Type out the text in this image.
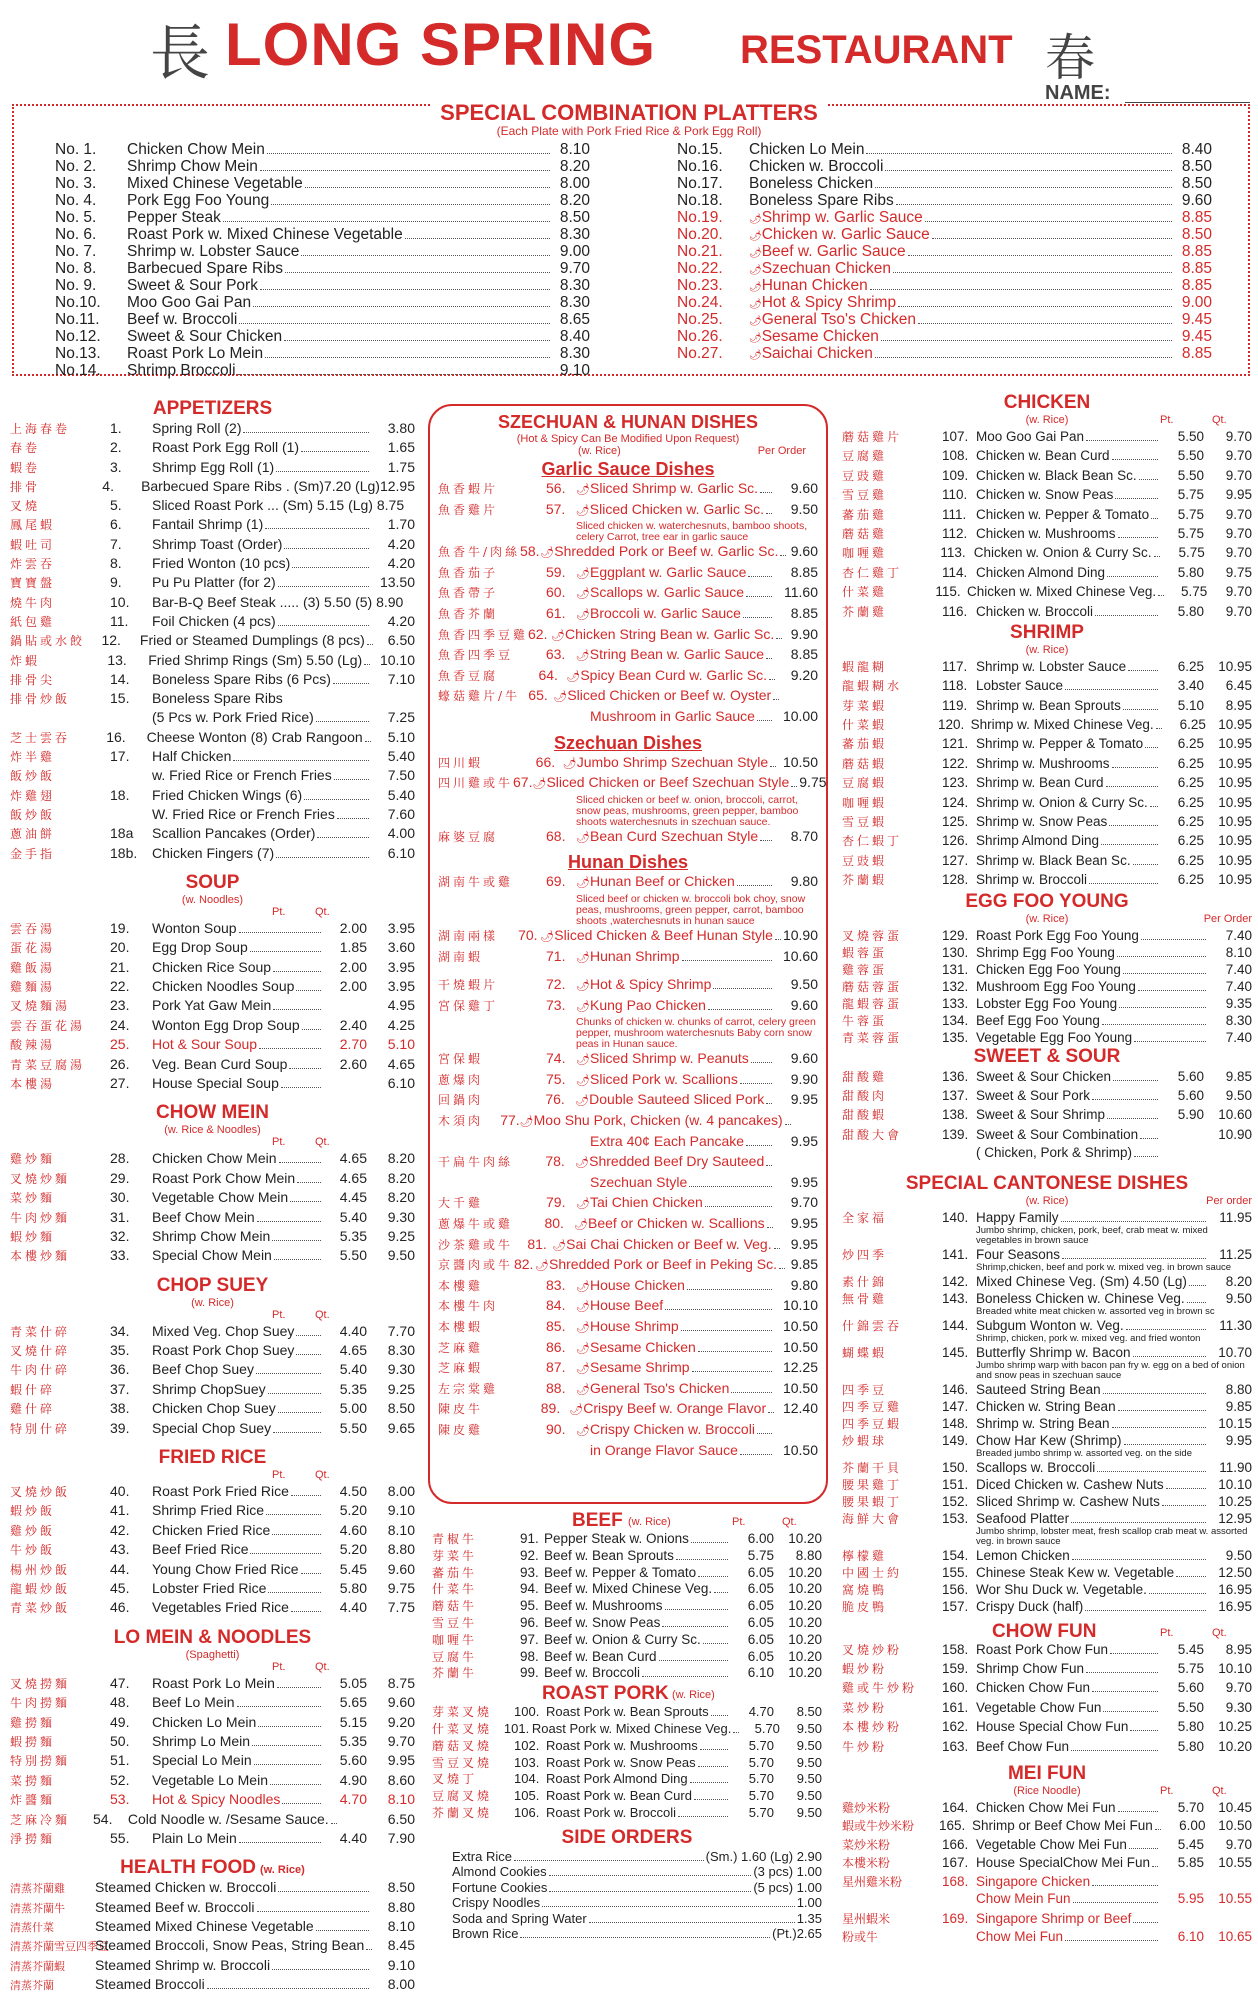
長 LONG SPRING RESTAURANT 春
NAME:
SPECIAL COMBINATION PLATTERS
(Each Plate with Pork Fried Rice & Pork Egg Roll)
No. 1.	Chicken Chow Mein	8.10
No. 2.	Shrimp Chow Mein	8.20
No. 3.	Mixed Chinese Vegetable	8.00
No. 4.	Pork Egg Foo Young	8.20
No. 5.	Pepper Steak	8.50
No. 6.	Roast Pork w. Mixed Chinese Vegetable	8.30
No. 7.	Shrimp w. Lobster Sauce	9.00
No. 8.	Barbecued Spare Ribs	9.70
No. 9.	Sweet & Sour Pork	8.30
No.10.	Moo Goo Gai Pan	8.30
No.11.	Beef w. Broccoli	8.65
No.12.	Sweet & Sour Chicken	8.40
No.13.	Roast Pork Lo Mein	8.30
No.14.	Shrimp Broccoli	9.10
No.15.	Chicken Lo Mein	8.40
No.16.	Chicken w. Broccoli	8.50
No.17.	Boneless Chicken	8.50
No.18.	Boneless Spare Ribs	9.60
No.19.	🌶 Shrimp w. Garlic Sauce	8.85
No.20.	🌶 Chicken w. Garlic Sauce	8.50
No.21.	🌶 Beef w. Garlic Sauce	8.85
No.22.	🌶 Szechuan Chicken	8.85
No.23.	🌶 Hunan Chicken	8.85
No.24.	🌶 Hot & Spicy Shrimp	9.00
No.25.	🌶 General Tso's Chicken	9.45
No.26.	🌶 Sesame Chicken	9.45
No.27.	🌶 Saichai Chicken	8.85
APPETIZERS
上海春卷	1.	Spring Roll (2)	3.80
春卷	2.	Roast Pork Egg Roll (1)	1.65
蝦卷	3.	Shrimp Egg Roll (1)	1.75
排骨	4.	Barbecued Spare Ribs . (Sm)7.20 (Lg)12.95
叉燒	5.	Sliced Roast Pork ... (Sm) 5.15 (Lg) 8.75
鳳尾蝦	6.	Fantail Shrimp (1)	1.70
蝦吐司	7.	Shrimp Toast (Order)	4.20
炸雲吞	8.	Fried Wonton (10 pcs)	4.20
寶寶盤	9.	Pu Pu Platter (for 2)	13.50
燒牛肉	10.	Bar-B-Q Beef Steak ..... (3) 5.50 (5) 8.90
紙包雞	11.	Foil Chicken (4 pcs)	4.20
鍋貼或水餃	12.	Fried or Steamed Dumplings (8 pcs)	6.50
炸蝦	13.	Fried Shrimp Rings (Sm) 5.50 (Lg)	10.10
排骨尖	14.	Boneless Spare Ribs (6 Pcs)	7.10
排骨炒飯	15.	Boneless Spare Ribs
(5 Pcs w. Pork Fried Rice)	7.25
芝士雲吞	16.	Cheese Wonton (8) Crab Rangoon	5.10
炸半雞	17.	Half Chicken	5.40
飯炒飯	w. Fried Rice or French Fries	7.50
炸雞翅	18.	Fried Chicken Wings (6)	5.40
飯炒飯	W. Fried Rice or French Fries	7.60
蔥油餅	18a	Scallion Pancakes (Order)	4.00
金手指	18b.	Chicken Fingers (7)	6.10
SOUP
(w. Noodles)
Pt.	Qt.
雲吞湯	19.	Wonton Soup	2.00	3.95
蛋花湯	20.	Egg Drop Soup	1.85	3.60
雞飯湯	21.	Chicken Rice Soup	2.00	3.95
雞麵湯	22.	Chicken Noodles Soup	2.00	3.95
叉燒麵湯	23.	Pork Yat Gaw Mein	4.95
雲吞蛋花湯	24.	Wonton Egg Drop Soup	2.40	4.25
酸辣湯	25.	Hot & Sour Soup	2.70	5.10
青菜豆腐湯	26.	Veg. Bean Curd Soup	2.60	4.65
本樓湯	27.	House Special Soup	6.10
CHOW MEIN
(w. Rice & Noodles)
Pt.	Qt.
雞炒麵	28.	Chicken Chow Mein	4.65	8.20
叉燒炒麵	29.	Roast Pork Chow Mein	4.65	8.20
菜炒麵	30.	Vegetable Chow Mein	4.45	8.20
牛肉炒麵	31.	Beef Chow Mein	5.40	9.30
蝦炒麵	32.	Shrimp Chow Mein	5.35	9.25
本樓炒麵	33.	Special Chow Mein	5.50	9.50
CHOP SUEY
(w. Rice)
Pt.	Qt.
青菜什碎	34.	Mixed Veg. Chop Suey	4.40	7.70
叉燒什碎	35.	Roast Pork Chop Suey	4.65	8.30
牛肉什碎	36.	Beef Chop Suey	5.40	9.30
蝦什碎	37.	Shrimp ChopSuey	5.35	9.25
雞什碎	38.	Chicken Chop Suey	5.00	8.50
特別什碎	39.	Special Chop Suey	5.50	9.65
FRIED RICE
Pt.	Qt.
叉燒炒飯	40.	Roast Pork Fried Rice	4.50	8.00
蝦炒飯	41.	Shrimp Fried Rice	5.20	9.10
雞炒飯	42.	Chicken Fried Rice	4.60	8.10
牛炒飯	43.	Beef Fried Rice	5.20	8.80
楊州炒飯	44.	Young Chow Fried Rice	5.45	9.60
龍蝦炒飯	45.	Lobster Fried Rice	5.80	9.75
青菜炒飯	46.	Vegetables Fried Rice	4.40	7.75
LO MEIN & NOODLES
(Spaghetti)
Pt.	Qt.
叉燒撈麵	47.	Roast Pork Lo Mein	5.05	8.75
牛肉撈麵	48.	Beef Lo Mein	5.65	9.60
雞撈麵	49.	Chicken Lo Mein	5.15	9.20
蝦撈麵	50.	Shrimp Lo Mein	5.35	9.70
特別撈麵	51.	Special Lo Mein	5.60	9.95
菜撈麵	52.	Vegetable Lo Mein	4.90	8.60
炸醬麵	53.	Hot & Spicy Noodles	4.70	8.10
芝麻冷麵	54.	Cold Noodle w. /Sesame Sauce.	6.50
淨撈麵	55.	Plain Lo Mein	4.40	7.90
HEALTH FOOD (w. Rice)
清蒸芥蘭雞	Steamed Chicken w. Broccoli	8.50
清蒸芥蘭牛	Steamed Beef w. Broccoli	8.80
清蒸什菜	Steamed Mixed Chinese Vegetable	8.10
清蒸芥蘭雪豆四季豆
Steamed Broccoli, Snow Peas, String Bean	8.45
清蒸芥蘭蝦	Steamed Shrimp w. Broccoli	9.10
清蒸芥蘭	Steamed Broccoli	8.00
SZECHUAN & HUNAN DISHES
(Hot & Spicy Can Be Modified Upon Request)
(w. Rice)	Per Order
Garlic Sauce Dishes
魚香蝦片	56. 🌶 Sliced Shrimp w. Garlic Sc.	9.60
魚香雞片	57. 🌶 Sliced Chicken w. Garlic Sc.	9.50
Sliced chicken w. waterchesnuts, bamboo shoots, celery Carrot, tree ear in garlic sauce
魚香牛/肉絲 58. 🌶 Shredded Pork or Beef w. Garlic Sc. 9.60
魚香茄子	59. 🌶 Eggplant w. Garlic Sauce	8.85
魚香帶子	60. 🌶 Scallops w. Garlic Sauce	11.60
魚香芥蘭	61. 🌶 Broccoli w. Garlic Sauce	8.85
魚香四季豆雞 62. 🌶 Chicken String Bean w. Garlic Sc.	9.90
魚香四季豆	63. 🌶 String Bean w. Garlic Sauce	8.85
魚香豆腐	64. 🌶 Spicy Bean Curd w. Garlic Sc.	9.20
蠔菇雞片/牛 65. 🌶 Sliced Chicken or Beef w. Oyster
Mushroom in Garlic Sauce	10.00
Szechuan Dishes
四川蝦	66. 🌶 Jumbo Shrimp Szechuan Style	10.50
四川雞或牛 67. 🌶 Sliced Chicken or Beef Szechuan Style 9.75
Sliced chicken or beef w. onion, broccoli, carrot, snow peas, mushrooms, green pepper, bamboo shoots waterchesnuts in szechuan sauce.
麻婆豆腐	68. 🌶 Bean Curd Szechuan Style	8.70
Hunan Dishes
湖南牛或雞	69. 🌶 Hunan Beef or Chicken	9.80
Sliced beef or chicken w. broccoli bok choy, snow peas, mushrooms, green pepper, carrot, bamboo shoots ,waterchesnuts in hunan sauce
湖南兩樣	70. 🌶 Sliced Chicken & Beef Hunan Style 10.90
湖南蝦	71. 🌶 Hunan Shrimp	10.60
干燒蝦片	72. 🌶 Hot & Spicy Shrimp	9.50
宮保雞丁	73. 🌶 Kung Pao Chicken	9.60
Chunks of chicken w. chunks of carrot, celery green pepper, mushroom waterchesnuts Baby corn snow peas in Hunan sauce.
宮保蝦	74. 🌶 Sliced Shrimp w. Peanuts	9.60
蔥爆肉	75. 🌶 Sliced Pork w. Scallions	9.90
回鍋肉	76. 🌶 Double Sauteed Sliced Pork	9.95
木須肉	77. 🌶 Moo Shu Pork, Chicken (w. 4 pancakes)
Extra 40¢ Each Pancake	9.95
干扁牛肉絲	78. 🌶 Shredded Beef Dry Sauteed
Szechuan Style	9.95
大千雞	79. 🌶 Tai Chien Chicken	9.70
蔥爆牛或雞	80. 🌶 Beef or Chicken w. Scallions	9.95
沙茶雞或牛	81. 🌶 Sai Chai Chicken or Beef w. Veg.	9.95
京醬肉或牛 82. 🌶 Shredded Pork or Beef in Peking Sc. 9.85
本樓雞	83. 🌶 House Chicken	9.80
本樓牛肉	84. 🌶 House Beef	10.10
本樓蝦	85. 🌶 House Shrimp	10.50
芝麻雞	86. 🌶 Sesame Chicken	10.50
芝麻蝦	87. 🌶 Sesame Shrimp	12.25
左宗棠雞	88. 🌶 General Tso's Chicken	10.50
陳皮牛	89. 🌶 Crispy Beef w. Orange Flavor	12.40
陳皮雞	90. 🌶 Crispy Chicken w. Broccoli
in Orange Flavor Sauce	10.50
BEEF (w. Rice)	Pt.	Qt.
青椒牛	91. Pepper Steak w. Onions	6.00	10.20
芽菜牛	92. Beef w. Bean Sprouts	5.75	8.80
蕃茄牛	93. Beef w. Pepper & Tomato	6.05	10.20
什菜牛	94. Beef w. Mixed Chinese Veg.	6.05	10.20
蘑菇牛	95. Beef w. Mushrooms	6.05	10.20
雪豆牛	96. Beef w. Snow Peas	6.05	10.20
咖喱牛	97. Beef w. Onion & Curry Sc.	6.05	10.20
豆腐牛	98. Beef w. Bean Curd	6.05	10.20
芥蘭牛	99. Beef w. Broccoli	6.10	10.20
ROAST PORK (w. Rice)
芽菜叉燒	100. Roast Pork w. Bean Sprouts	4.70	8.50
什菜叉燒 101. Roast Pork w. Mixed Chinese Veg.	5.70	9.50
蘑菇叉燒	102. Roast Pork w. Mushrooms	5.70	9.50
雪豆叉燒	103. Roast Pork w. Snow Peas	5.70	9.50
叉燒丁	104. Roast Pork Almond Ding	5.70	9.50
豆腐叉燒	105. Roast Pork w. Bean Curd	5.70	9.50
芥蘭叉燒	106. Roast Pork w. Broccoli	5.70	9.50
SIDE ORDERS
Extra Rice	(Sm.) 1.60 (Lg) 2.90
Almond Cookies	(3 pcs) 1.00
Fortune Cookies	(5 pcs) 1.00
Crispy Noodles	1.00
Soda and Spring Water	1.35
Brown Rice	(Pt.)2.65
CHICKEN
(w. Rice)	Pt.	Qt.
蘑菇雞片	107. Moo Goo Gai Pan	5.50	9.70
豆腐雞	108. Chicken w. Bean Curd	5.50	9.70
豆豉雞	109. Chicken w. Black Bean Sc.	5.50	9.70
雪豆雞	110. Chicken w. Snow Peas	5.75	9.95
蕃茄雞	111. Chicken w. Pepper & Tomato	5.75	9.70
蘑菇雞	112. Chicken w. Mushrooms	5.75	9.70
咖喱雞	113. Chicken w. Onion & Curry Sc.	5.75	9.70
杏仁雞丁	114. Chicken Almond Ding	5.80	9.75
什菜雞	115. Chicken w. Mixed Chinese Veg.	5.75	9.70
芥蘭雞	116. Chicken w. Broccoli	5.80	9.70
SHRIMP
(w. Rice)
蝦龍糊	117. Shrimp w. Lobster Sauce	6.25	10.95
龍蝦糊水	118. Lobster Sauce	3.40	6.45
芽菜蝦	119. Shrimp w. Bean Sprouts	5.10	8.95
什菜蝦	120. Shrimp w. Mixed Chinese Veg.	6.25 10.95
蕃茄蝦	121. Shrimp w. Pepper & Tomato	6.25	10.95
蘑菇蝦	122. Shrimp w. Mushrooms	6.25	10.95
豆腐蝦	123. Shrimp w. Bean Curd	6.25	10.95
咖喱蝦	124. Shrimp w. Onion & Curry Sc.	6.25	10.95
雪豆蝦	125. Shrimp w. Snow Peas	6.25	10.95
杏仁蝦丁	126. Shrimp Almond Ding	6.25	10.95
豆豉蝦	127. Shrimp w. Black Bean Sc.	6.25	10.95
芥蘭蝦	128. Shrimp w. Broccoli	6.25	10.95
EGG FOO YOUNG
(w. Rice)	Per Order
叉燒蓉蛋	129. Roast Pork Egg Foo Young	7.40
蝦蓉蛋	130. Shrimp Egg Foo Young	8.10
雞蓉蛋	131. Chicken Egg Foo Young	7.40
蘑菇蓉蛋	132. Mushroom Egg Foo Young	7.40
龍蝦蓉蛋	133. Lobster Egg Foo Young	9.35
牛蓉蛋	134. Beef Egg Foo Young	8.30
青菜蓉蛋	135. Vegetable Egg Foo Young	7.40
SWEET & SOUR
甜酸雞	136. Sweet & Sour Chicken	5.60	9.85
甜酸肉	137. Sweet & Sour Pork	5.60	9.50
甜酸蝦	138. Sweet & Sour Shrimp	5.90	10.60
甜酸大會	139. Sweet & Sour Combination	10.90
( Chicken, Pork & Shrimp)
SPECIAL CANTONESE DISHES
(w. Rice)	Per order
全家福	140. Happy Family	11.95
Jumbo shrimp, chicken, pork, beef, crab meat w. mixed vegetables in brown sauce
炒四季	141. Four Seasons	11.25
Shrimp,chicken, beef and pork w. mixed veg. in brown sauce
素什錦	142. Mixed Chinese Veg. (Sm) 4.50 (Lg)	8.20
無骨雞	143. Boneless Chicken w. Chinese Veg.	9.50
Breaded white meat chicken w. assorted veg in brown sc
什錦雲吞	144. Subgum Wonton w. Veg.	11.30
Shrimp, chicken, pork w. mixed veg. and fried wonton
蝴蝶蝦	145. Butterfly Shrimp w. Bacon	10.70
Jumbo shrimp warp with bacon pan fry w. egg on a bed of onion and snow peas in szechuan sauce
四季豆	146. Sauteed String Bean	8.80
四季豆雞	147. Chicken w. String Bean	9.85
四季豆蝦	148. Shrimp w. String Bean	10.15
炒蝦球	149. Chow Har Kew (Shrimp)	9.95
Breaded jumbo shrimp w. assorted veg. on the side
芥蘭干貝	150. Scallops w. Broccoli	11.90
腰果雞丁	151. Diced Chicken w. Cashew Nuts	10.10
腰果蝦丁	152. Sliced Shrimp w. Cashew Nuts	10.25
海鮮大會	153. Seafood Platter	12.95
Jumbo shrimp, lobster meat, fresh scallop crab meat w. assorted veg. in brown sauce
檸檬雞	154. Lemon Chicken	9.50
中國士約	155. Chinese Steak Kew w. Vegetable	12.50
窩燒鴨	156. Wor Shu Duck w. Vegetable.	16.95
脆皮鴨	157. Crispy Duck (half)	16.95
CHOW FUN	Pt.	Qt.
叉燒炒粉	158. Roast Pork Chow Fun	5.45	8.95
蝦炒粉	159. Shrimp Chow Fun	5.75	10.10
雞或牛炒粉	160. Chicken Chow Fun	5.60	9.70
菜炒粉	161. Vegetable Chow Fun	5.50	9.30
本樓炒粉	162. House Special Chow Fun	5.80	10.25
牛炒粉	163. Beef Chow Fun	5.80	10.20
MEI FUN
(Rice Noodle)	Pt.	Qt.
雞炒米粉	164. Chicken Chow Mei Fun	5.70	10.45
蝦或牛炒米粉	165. Shrimp or Beef Chow Mei Fun	6.00 10.50
菜炒米粉	166. Vegetable Chow Mei Fun	5.45	9.70
本樓米粉	167. House SpecialChow Mei Fun	5.85	10.55
星州雞米粉	168. Singapore Chicken
Chow Mein Fun	5.95	10.55
星州蝦米	169. Singapore Shrimp or Beef
粉或牛	Chow Mei Fun	6.10	10.65
